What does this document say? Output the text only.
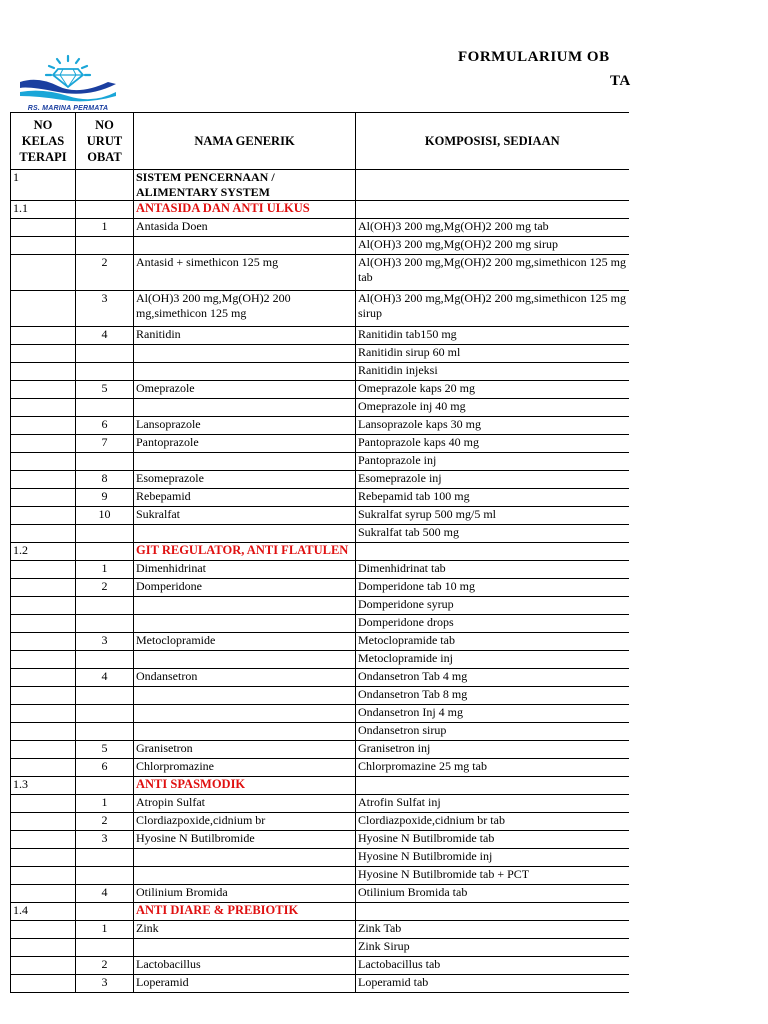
RS. MARINA PERMATA
FORMULARIUM OB
TA
NO KELAS TERAPI	NO URUT OBAT	NAMA GENERIK	KOMPOSISI, SEDIAAN
1		SISTEM PENCERNAAN / ALIMENTARY SYSTEM	
1.1		ANTASIDA DAN ANTI ULKUS	
	1	Antasida Doen	Al(OH)3 200 mg,Mg(OH)2 200 mg tab
			Al(OH)3 200 mg,Mg(OH)2 200 mg sirup
	2	Antasid + simethicon 125 mg	Al(OH)3 200 mg,Mg(OH)2 200 mg,simethicon 125 mg tab
	3	Al(OH)3 200 mg,Mg(OH)2 200 mg,simethicon 125 mg	Al(OH)3 200 mg,Mg(OH)2 200 mg,simethicon 125 mg sirup
	4	Ranitidin	Ranitidin tab150 mg
			Ranitidin sirup 60 ml
			Ranitidin injeksi
	5	Omeprazole	Omeprazole kaps 20 mg
			Omeprazole inj 40 mg
	6	Lansoprazole	Lansoprazole kaps 30 mg
	7	Pantoprazole	Pantoprazole kaps 40 mg
			Pantoprazole inj
	8	Esomeprazole	Esomeprazole inj
	9	Rebepamid	Rebepamid tab 100 mg
	10	Sukralfat	Sukralfat syrup 500 mg/5 ml
			Sukralfat tab 500 mg
1.2		GIT REGULATOR, ANTI FLATULEN	
	1	Dimenhidrinat	Dimenhidrinat tab
	2	Domperidone	Domperidone tab 10 mg
			Domperidone syrup
			Domperidone drops
	3	Metoclopramide	Metoclopramide tab
			Metoclopramide inj
	4	Ondansetron	Ondansetron Tab 4 mg
			Ondansetron Tab 8 mg
			Ondansetron Inj 4 mg
			Ondansetron sirup
	5	Granisetron	Granisetron inj
	6	Chlorpromazine	Chlorpromazine 25 mg tab
1.3		ANTI SPASMODIK	
	1	Atropin Sulfat	Atrofin Sulfat inj
	2	Clordiazpoxide,cidnium br	Clordiazpoxide,cidnium br tab
	3	Hyosine N Butilbromide	Hyosine N Butilbromide tab
			Hyosine N Butilbromide inj
			Hyosine N Butilbromide tab + PCT
	4	Otilinium Bromida	Otilinium Bromida tab
1.4		ANTI DIARE & PREBIOTIK	
	1	Zink	Zink Tab
			Zink Sirup
	2	Lactobacillus	Lactobacillus tab
	3	Loperamid	Loperamid tab
